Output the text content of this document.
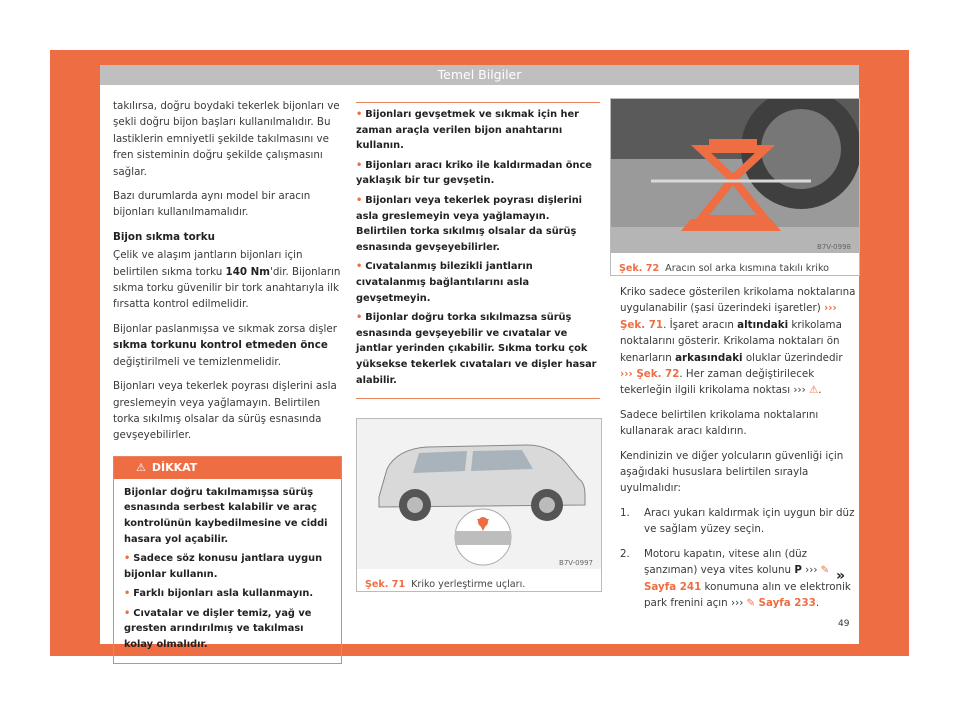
Temel Bilgiler

takılırsa, doğru boydaki tekerlek bijonları ve şekli doğru bijon başları kullanılmalıdır. Bu lastiklerin emniyetli şekilde takılmasını ve fren sisteminin doğru şekilde çalışmasını sağlar.

Bazı durumlarda aynı model bir aracın bijonları kullanılmamalıdır.

Bijon sıkma torku

Çelik ve alaşım jantların bijonları için belirtilen sıkma torku 140 Nm'dir. Bijonların sıkma torku güvenilir bir tork anahtarıyla ilk fırsatta kontrol edilmelidir.

Bijonlar paslanmışsa ve sıkmak zorsa dişler sıkma torkunu kontrol etmeden önce değiştirilmeli ve temizlenmelidir.

Bijonları veya tekerlek poyrası dişlerini asla greslemeyin veya yağlamayın. Belirtilen torka sıkılmış olsalar da sürüş esnasında gevşeyebilirler.

⚠ DİKKAT

Bijonlar doğru takılmamışsa sürüş esnasında serbest kalabilir ve araç kontrolünün kaybedilmesine ve ciddi hasara yol açabilir.

• Sadece söz konusu jantlara uygun bijonlar kullanın.

• Farklı bijonları asla kullanmayın.

• Cıvatalar ve dişler temiz, yağ ve gresten arındırılmış ve takılması kolay olmalıdır.

• Bijonları gevşetmek ve sıkmak için her zaman araçla verilen bijon anahtarını kullanın.

• Bijonları aracı kriko ile kaldırmadan önce yaklaşık bir tur gevşetin.

• Bijonları veya tekerlek poyrası dişlerini asla greslemeyin veya yağlamayın. Belirtilen torka sıkılmış olsalar da sürüş esnasında gevşeyebilirler.

• Cıvatalanmış bilezikli jantların cıvatalanmış bağlantılarını asla gevşetmeyin.

• Bijonlar doğru torka sıkılmazsa sürüş esnasında gevşeyebilir ve cıvatalar ve jantlar yerinden çıkabilir. Sıkma torku çok yüksekse tekerlek cıvataları ve dişler hasar alabilir.

B7V-0997
Şek. 71 Kriko yerleştirme uçları.
B7V-0998
Şek. 72 Aracın sol arka kısmına takılı kriko

Kriko sadece gösterilen krikolama noktalarına uygulanabilir (şasi üzerindeki işaretler) ››› Şek. 71. İşaret aracın altındaki krikolama noktalarını gösterir. Krikolama noktaları ön kenarların arkasındaki oluklar üzerindedir ››› Şek. 72. Her zaman değiştirilecek tekerleğin ilgili krikolama noktası ››› ⚠.

Sadece belirtilen krikolama noktalarını kullanarak aracı kaldırın.

Kendinizin ve diğer yolcuların güvenliği için aşağıdaki hususlara belirtilen sırayla uyulmalıdır:

1. Aracı yukarı kaldırmak için uygun bir düz ve sağlam yüzey seçin.
2. Motoru kapatın, vitese alın (düz şanzıman) veya vites kolunu P ››› ✎ Sayfa 241 konumuna alın ve elektronik park frenini açın ››› ✎ Sayfa 233.
»
49
